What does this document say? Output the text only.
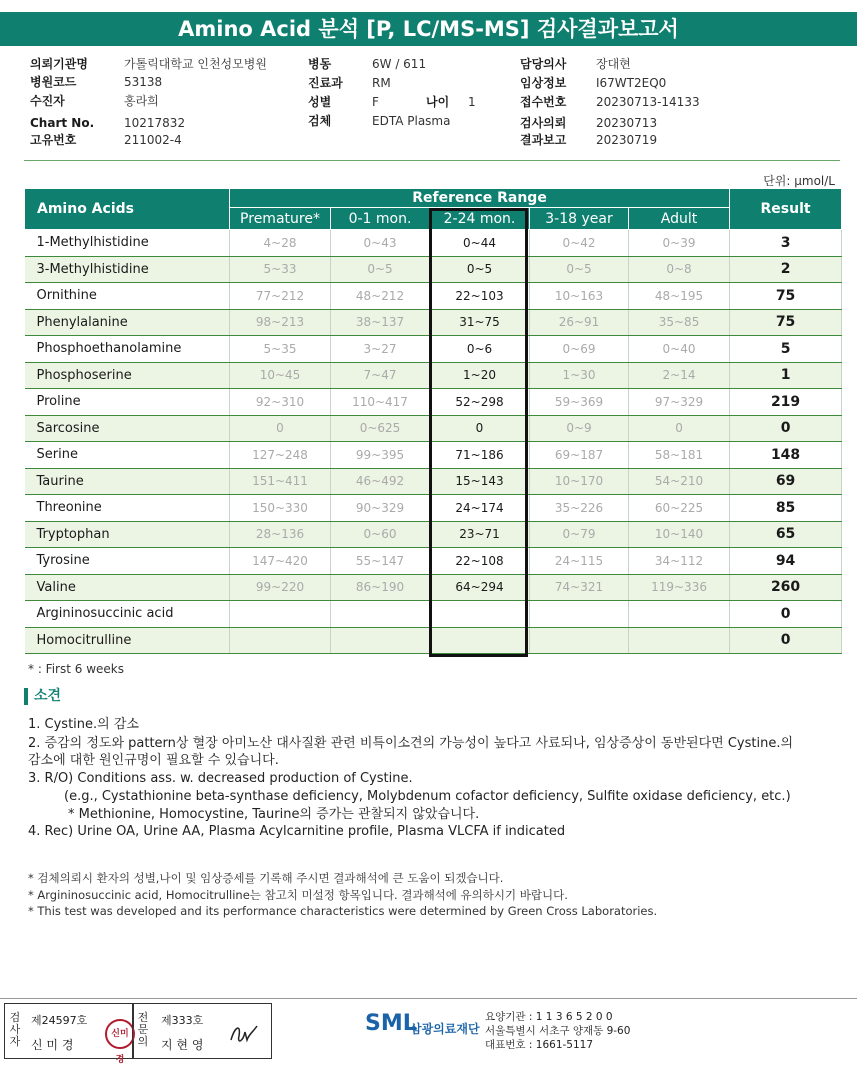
Amino Acid 분석 [P, LC/MS-MS] 검사결과보고서
의뢰기관명	가톨릭대학교 인천성모병원
병원코드	53138
수진자	홍라희
Chart No. 10217832
고유번호	211002-4
병동	6W / 611
진료과 RM
성별	F	나이 1
검체	EDTA Plasma
담당의사 장대현
임상정보 I67WT2EQ0
접수번호 20230713-14133
검사의뢰 20230713
결과보고 20230719
단위: μmol/L
Amino Acids	Reference Range					Result
	Premature*	0-1 mon.	2-24 mon.	3-18 year	Adult	
1-Methylhistidine	4~28	0~43	0~44	0~42	0~39	3
3-Methylhistidine	5~33	0~5	0~5	0~5	0~8	2
Ornithine	77~212	48~212	22~103	10~163	48~195	75
Phenylalanine	98~213	38~137	31~75	26~91	35~85	75
Phosphoethanolamine	5~35	3~27	0~6	0~69	0~40	5
Phosphoserine	10~45	7~47	1~20	1~30	2~14	1
Proline	92~310	110~417	52~298	59~369	97~329	219
Sarcosine	0	0~625	0	0~9	0	0
Serine	127~248	99~395	71~186	69~187	58~181	148
Taurine	151~411	46~492	15~143	10~170	54~210	69
Threonine	150~330	90~329	24~174	35~226	60~225	85
Tryptophan	28~136	0~60	23~71	0~79	10~140	65
Tyrosine	147~420	55~147	22~108	24~115	34~112	94
Valine	99~220	86~190	64~294	74~321	119~336	260
Argininosuccinic acid						0
Homocitrulline						0
* : First 6 weeks
소견
1. Cystine.의 감소
2. 증감의 정도와 pattern상 혈장 아미노산 대사질환 관련 비특이소견의 가능성이 높다고 사료되나, 임상증상이 동반된다면 Cystine.의
감소에 대한 원인규명이 필요할 수 있습니다.
3. R/O) Conditions ass. w. decreased production of Cystine.
(e.g., Cystathionine beta-synthase deficiency, Molybdenum cofactor deficiency, Sulfite oxidase deficiency, etc.)
* Methionine, Homocystine, Taurine의 증가는 관찰되지 않았습니다.
4. Rec) Urine OA, Urine AA, Plasma Acylcarnitine profile, Plasma VLCFA if indicated
* 검체의뢰시 환자의 성별,나이 및 임상증세를 기록해 주시면 결과해석에 큰 도움이 되겠습니다.
* Argininosuccinic acid, Homocitrulline는 참고치 미설정 항목입니다. 결과해석에 유의하시기 바랍니다.
* This test was developed and its performance characteristics were determined by Green Cross Laboratories.
검사자
제24597호
신 미 경
신미경
전문의
제333호
지 현 영
SML
삼광의료재단
요양기관 : 1 1 3 6 5 2 0 0
서울특별시 서초구 양재동 9-60
대표번호 : 1661-5117
